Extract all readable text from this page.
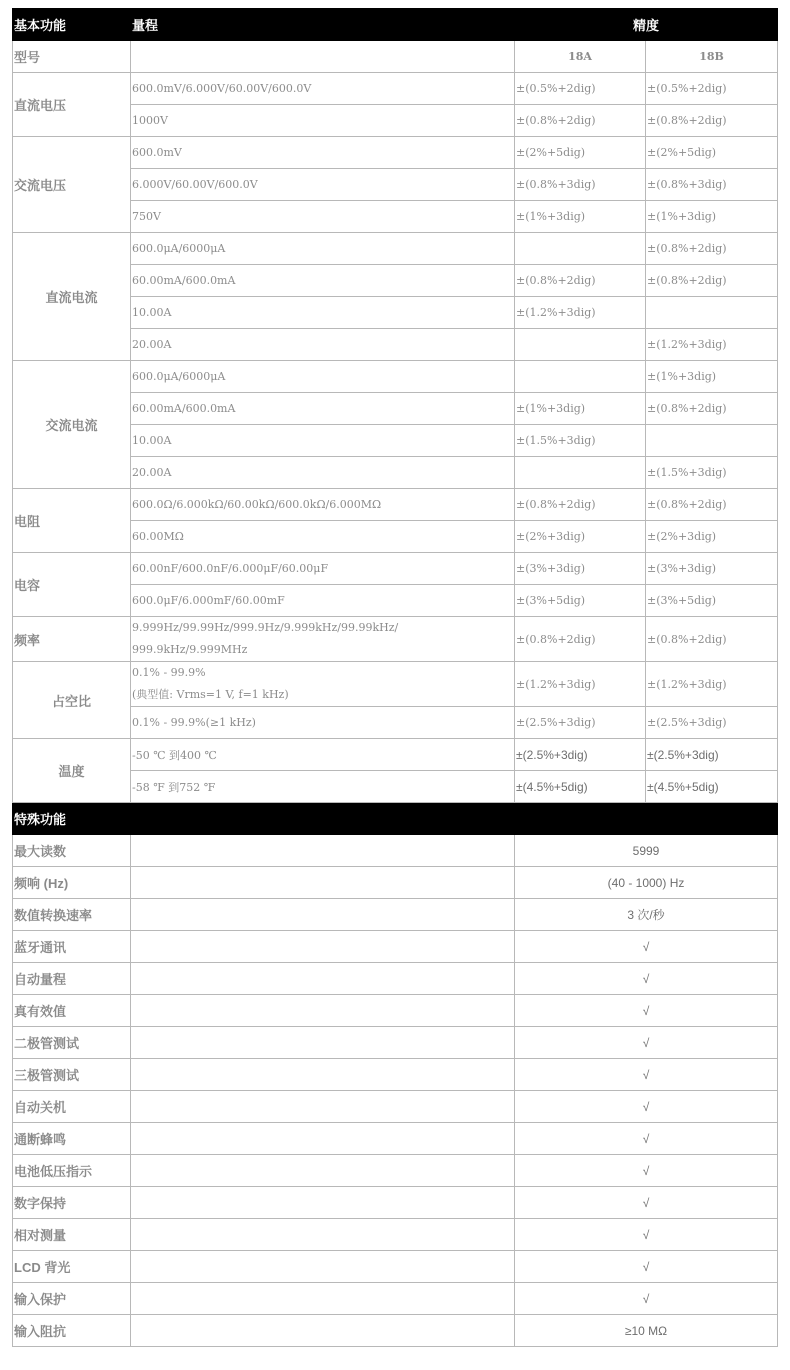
基本功能	量程	精度	
型号		18A	18B
直流电压	600.0mV/6.000V/60.00V/600.0V	±(0.5%+2dig)	±(0.5%+2dig)
	1000V	±(0.8%+2dig)	±(0.8%+2dig)
交流电压	600.0mV	±(2%+5dig)	±(2%+5dig)
	6.000V/60.00V/600.0V	±(0.8%+3dig)	±(0.8%+3dig)
	750V	±(1%+3dig)	±(1%+3dig)
直流电流	600.0μA/6000μA		±(0.8%+2dig)
	60.00mA/600.0mA	±(0.8%+2dig)	±(0.8%+2dig)
	10.00A	±(1.2%+3dig)	
	20.00A		±(1.2%+3dig)
交流电流	600.0μA/6000μA		±(1%+3dig)
	60.00mA/600.0mA	±(1%+3dig)	±(0.8%+2dig)
	10.00A	±(1.5%+3dig)	
	20.00A		±(1.5%+3dig)
电阻	600.0Ω/6.000kΩ/60.00kΩ/600.0kΩ/6.000MΩ	±(0.8%+2dig)	±(0.8%+2dig)
	60.00MΩ	±(2%+3dig)	±(2%+3dig)
电容	60.00nF/600.0nF/6.000μF/60.00μF	±(3%+3dig)	±(3%+3dig)
	600.0μF/6.000mF/60.00mF	±(3%+5dig)	±(3%+5dig)
频率	9.999Hz/99.99Hz/999.9Hz/9.999kHz/99.99kHz/
999.9kHz/9.999MHz	±(0.8%+2dig)	±(0.8%+2dig)
占空比	0.1% - 99.9%
(典型值: Vrms=1 V, f=1 kHz)	±(1.2%+3dig)	±(1.2%+3dig)
	0.1% - 99.9%(≥1 kHz)	±(2.5%+3dig)	±(2.5%+3dig)
温度	-50 ℃ 到400 ℃	±(2.5%+3dig)	±(2.5%+3dig)
	-58 ℉ 到752 ℉	±(4.5%+5dig)	±(4.5%+5dig)
特殊功能			
最大读数		5999	
频响 (Hz)		(40 - 1000) Hz	
数值转换速率		3 次/秒	
蓝牙通讯		√	
自动量程		√	
真有效值		√	
二极管测试		√	
三极管测试		√	
自动关机		√	
通断蜂鸣		√	
电池低压指示		√	
数字保持		√	
相对测量		√	
LCD 背光		√	
输入保护		√	
输入阻抗		≥10 MΩ	
